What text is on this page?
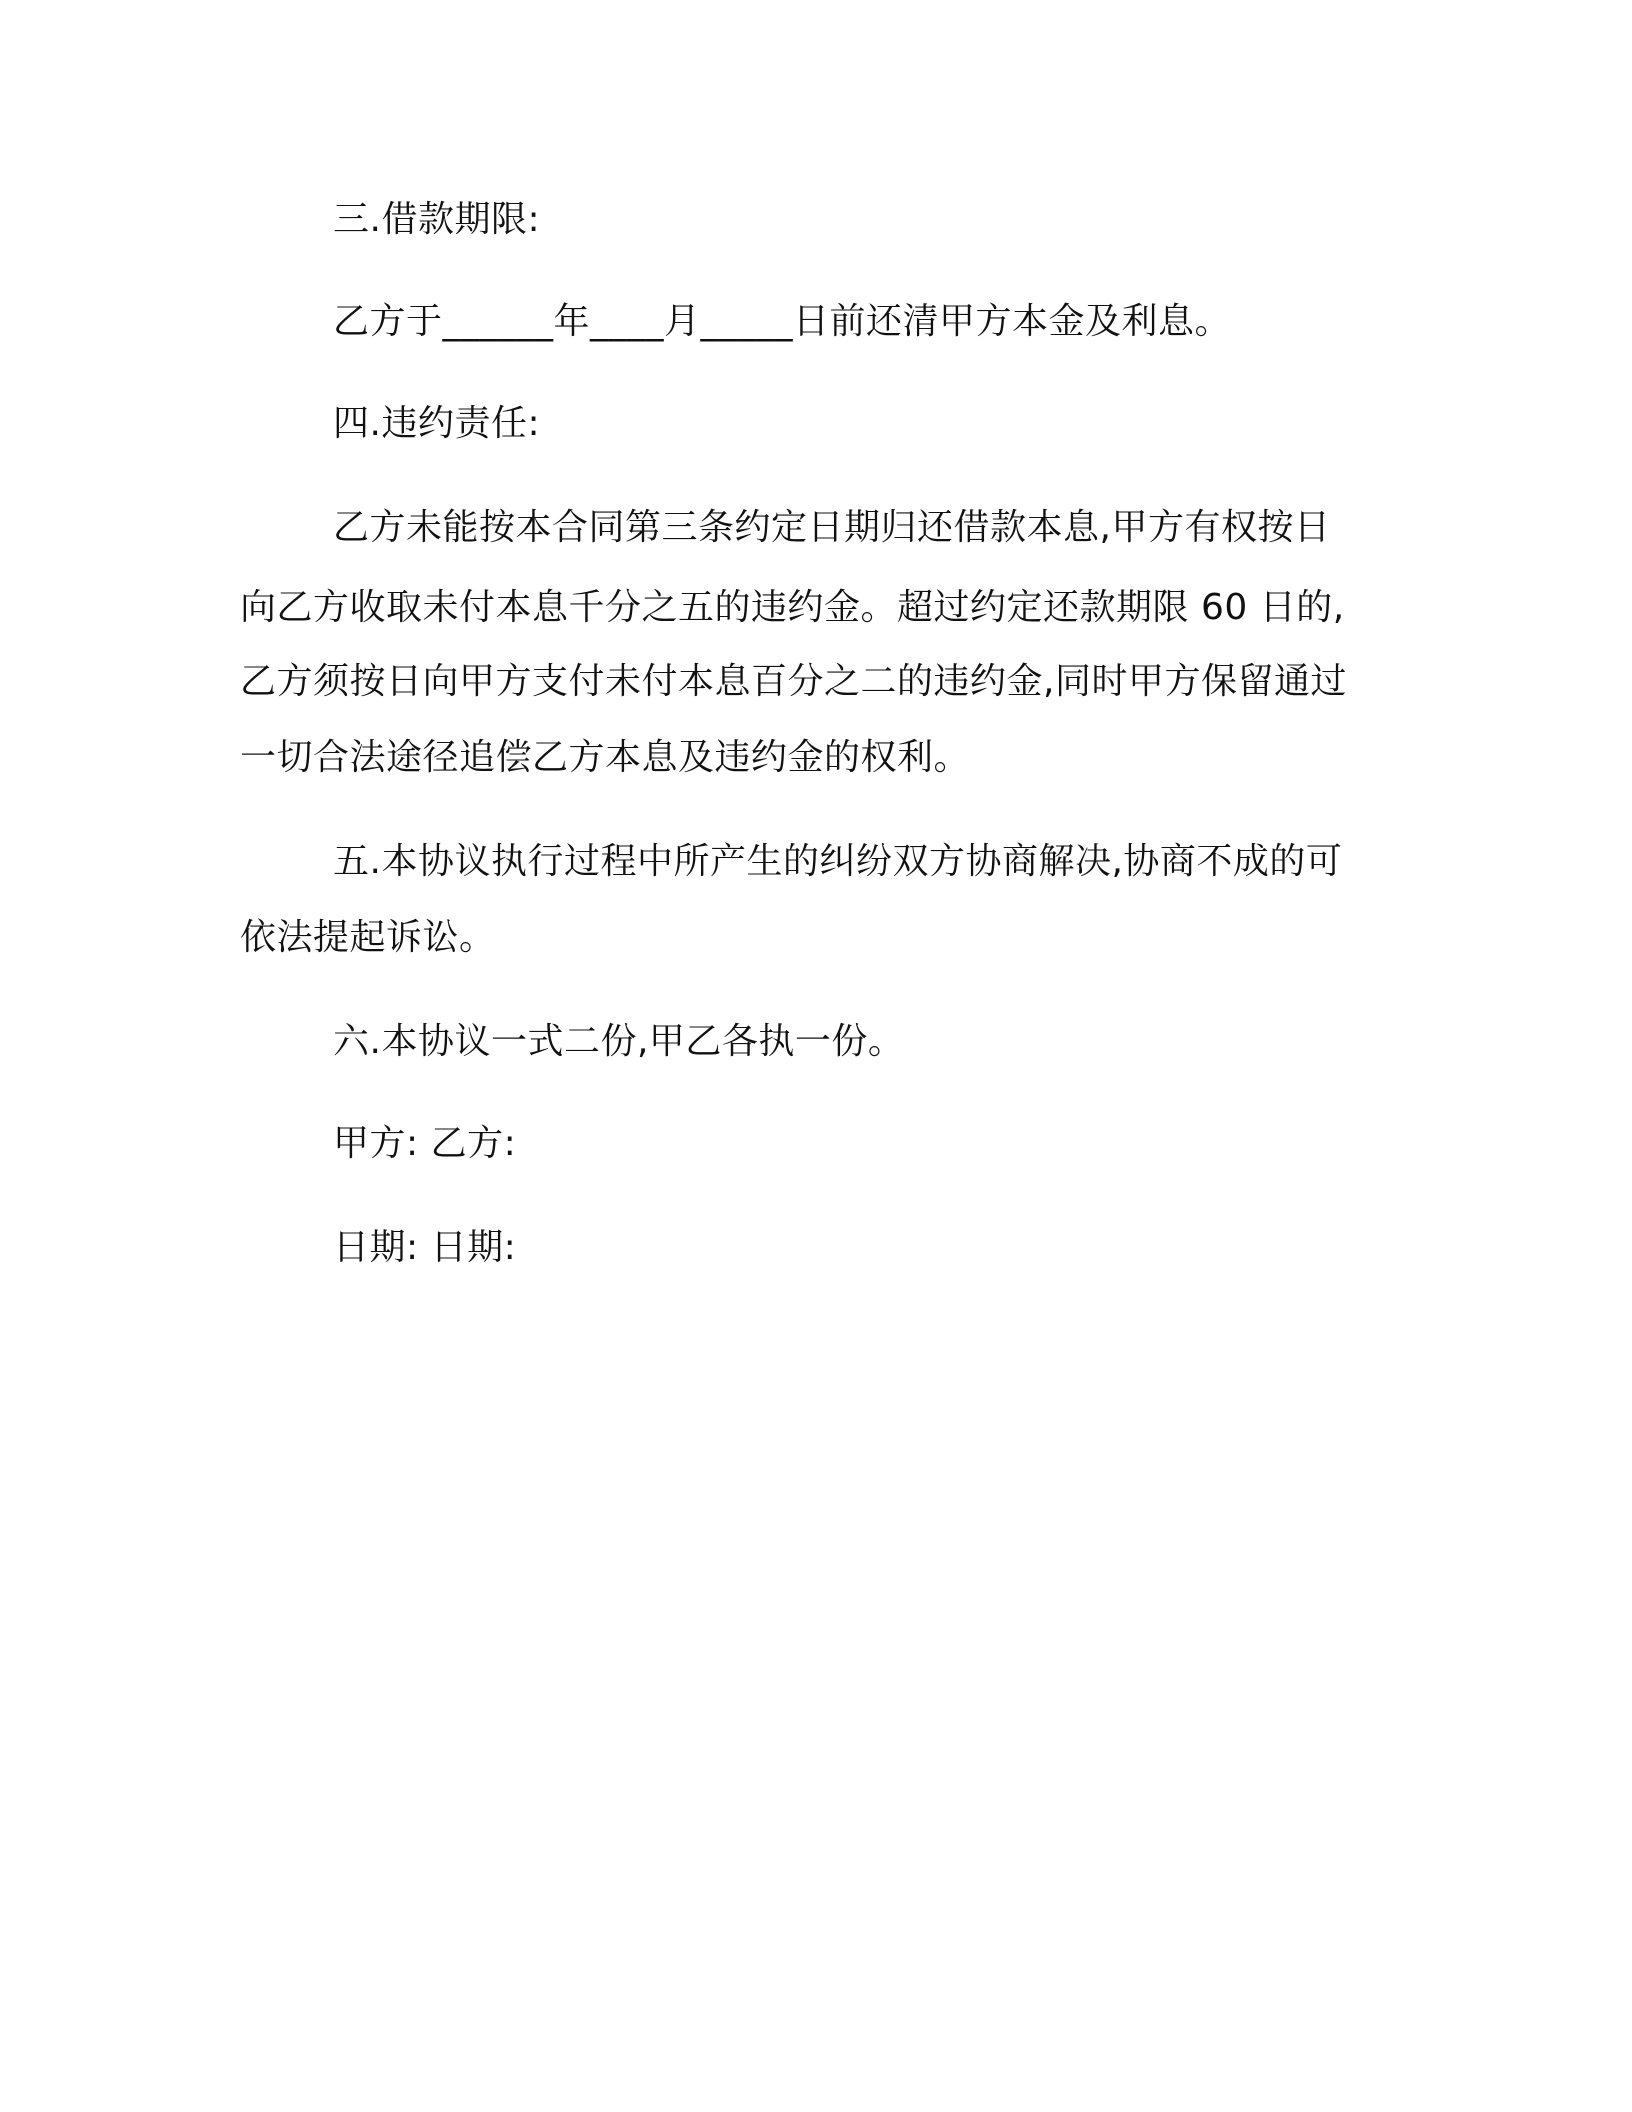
三.借款期限:
乙方于______年____月_____日前还清甲方本金及利息。
四.违约责任:
乙方未能按本合同第三条约定日期归还借款本息,甲方有权按日
向乙方收取未付本息千分之五的违约金。超过约定还款期限 60 日的,
乙方须按日向甲方支付未付本息百分之二的违约金,同时甲方保留通过
一切合法途径追偿乙方本息及违约金的权利。
五.本协议执行过程中所产生的纠纷双方协商解决,协商不成的可
依法提起诉讼。
六.本协议一式二份,甲乙各执一份。
甲方: 乙方:
日期: 日期:
